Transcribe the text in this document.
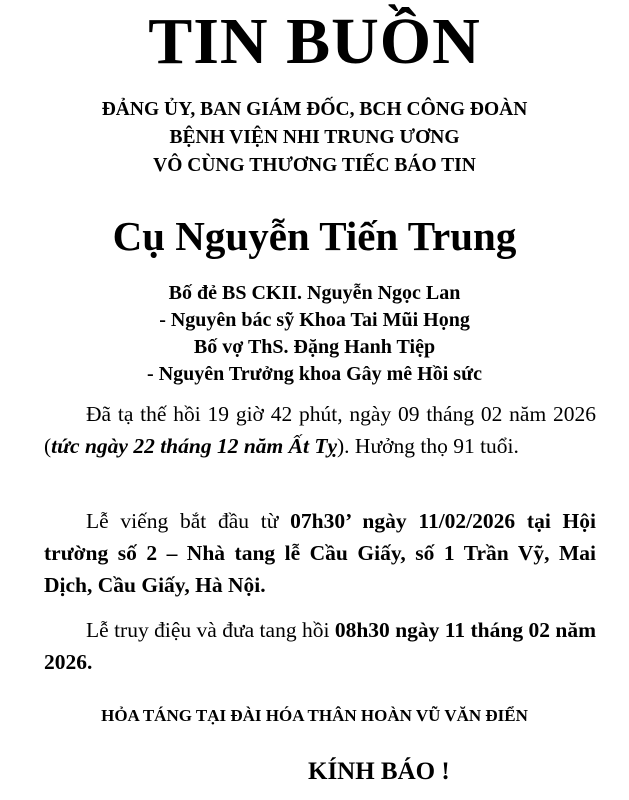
TIN BUỒN
ĐẢNG ỦY, BAN GIÁM ĐỐC, BCH CÔNG ĐOÀN
BỆNH VIỆN NHI TRUNG ƯƠNG
VÔ CÙNG THƯƠNG TIẾC BÁO TIN
Cụ Nguyễn Tiến Trung
Bố đẻ BS CKII. Nguyễn Ngọc Lan
- Nguyên bác sỹ Khoa Tai Mũi Họng
Bố vợ ThS. Đặng Hanh Tiệp
- Nguyên Trưởng khoa Gây mê Hồi sức

Đã tạ thế hồi 19 giờ 42 phút, ngày 09 tháng 02 năm 2026 (tức ngày 22 tháng 12 năm Ất Tỵ). Hưởng thọ 91 tuổi.

Lễ viếng bắt đầu từ 07h30’ ngày 11/02/2026 tại Hội trường số 2 – Nhà tang lễ Cầu Giấy, số 1 Trần Vỹ, Mai Dịch, Cầu Giấy, Hà Nội.

Lễ truy điệu và đưa tang hồi 08h30 ngày 11 tháng 02 năm 2026.

HỎA TÁNG TẠI ĐÀI HÓA THÂN HOÀN VŨ VĂN ĐIỂN
KÍNH BÁO !
